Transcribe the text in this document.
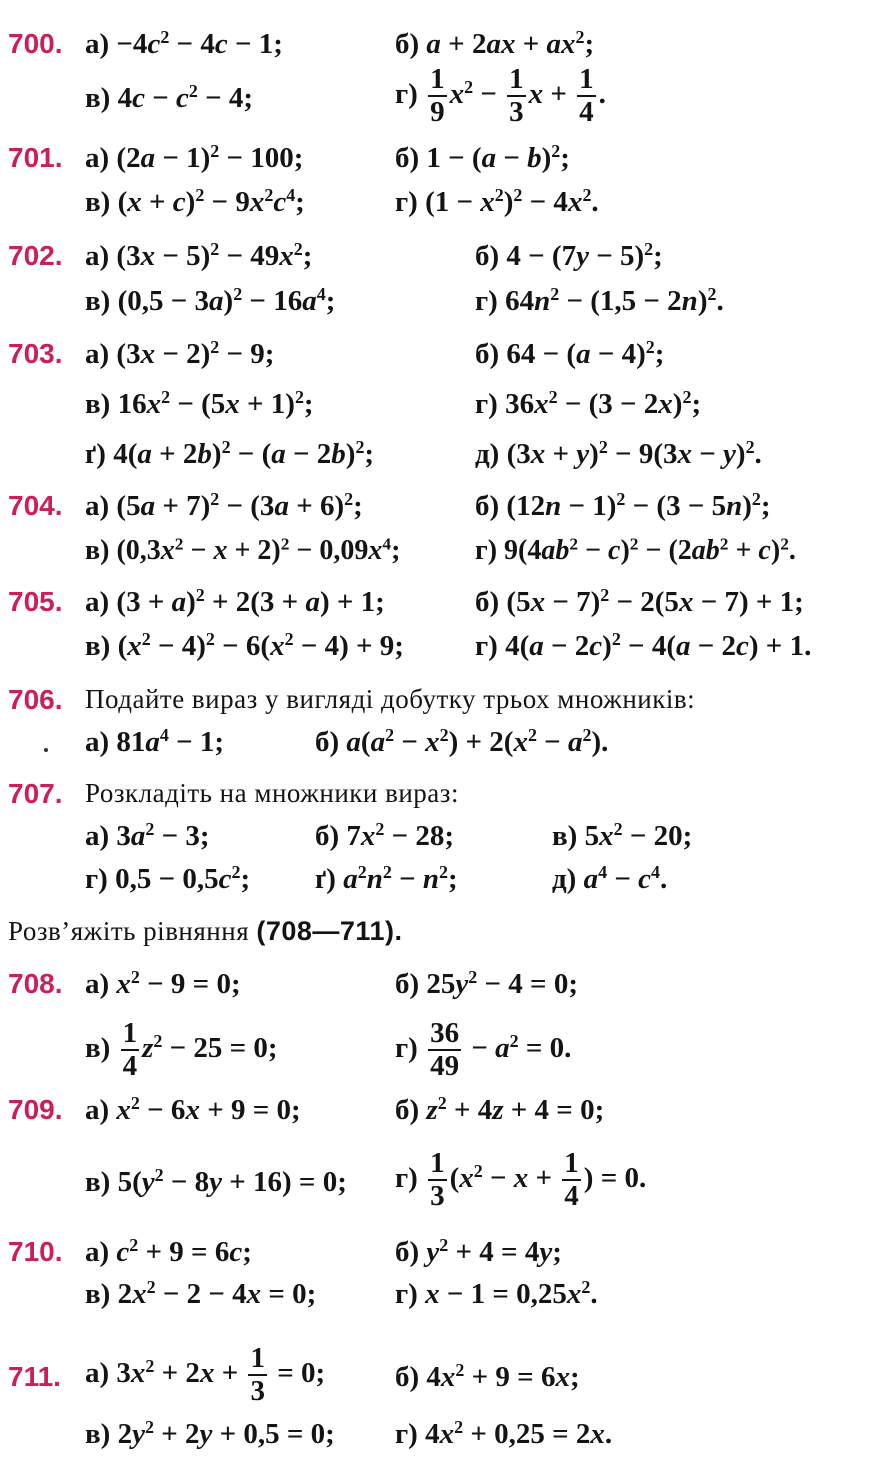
700. $а) -4c^2 - 4c - 1$;	б) $a + 2ax + ax^2$;
в) $4c - c^2 - 4$;	$г) \frac{1}{9} x^2 - \frac{1}{3}$ $x + \frac{1}{4}$ .
701. а) $(2a - 1)^2 - 100$;	б) $1 - (a - b)^2$;
в) $(x + c)^2 - 9x^2c^4$;	г) $(1 - x^2)^2 - 4x^2$.
702. а) $(3x - 5)^2 - 49x^2$;	б) $4 - (7y - 5)^2$;
в) $(0,5 - 3a)^2 - 16a^4$;	г) $64n^2 - (1,5 - 2n)^2$.
703. а) $(3x - 2)^2 - 9$;	б) $64 - (a - 4)^2$;
в) $16x^2 - (5x + 1)^2$;	г) $36x^2 - (3 - 2x)^2$;
ґ) $4(a + 2b)^2 - (a - 2b)^2$;	д) $(3x + y)^2 - 9(3x - y)^2$.
704. а) $(5a + 7)^2 - (3a + 6)^2$;	б) $(12n - 1)^2 - (3 - 5n)^2$;
в) $(0,3x^2 - x + 2)^2 - 0,09x^4$;	г) $9(4ab^2 - c)^2 - (2ab^2 + c)^2$.
705. а) $(3 + a)^2 + 2(3 + a) + 1$;	б) $(5x - 7)^2 - 2(5x - 7) + 1$;
в) $(x^2 - 4)^2 - 6(x^2 - 4) + 9$; г) $4(a - 2c)^2 - 4(a - 2c) + 1$.
706. Подайте вираз у вигляді добутку трьох множників:
а) $81a^4 - 1$;	б) $a(a^2 - x^2) + 2(x^2 - a^2)$.
707. Розкладіть на множники вираз:
а) $3a^2 - 3$;	б) $7x^2 - 28$;	в) $5x^2 - 20$;
г) $0,5 - 0,5c^2$; ґ) $a^2n^2 - n^2$;	д) $a^4 - c^4$.
Розв’яжіть рівняння (708—711).
708. а) $x^2 - 9 = 0$;	б) $25y^2 - 4 = 0$;
$в) \frac{1}{4} z^2 - 25 = 0$;	$г) \frac{36}{49} - a^2 = 0$.
709. а) $x^2 - 6x + 9 = 0$;	б) $z^2 + 4z + 4 = 0$;
в) $5(y^2 - 8y + 16) = 0$; $г) \frac{1}{3} (x^2 - x + \frac{1}{4}$ ) = 0.
710. а) $c^2 + 9 = 6c$;	б) $y^2 + 4 = 4y$;
в) $2x^2 - 2 - 4x = 0$;	г) $x - 1 = 0,25x^2$.
711. а) $3x^2 + 2x + \frac{1}{3} = 0$; б) $4x^2 + 9 = 6x$;
в) $2y^2 + 2y + 0,5 = 0$; г) $4x^2 + 0,25 = 2x$.
